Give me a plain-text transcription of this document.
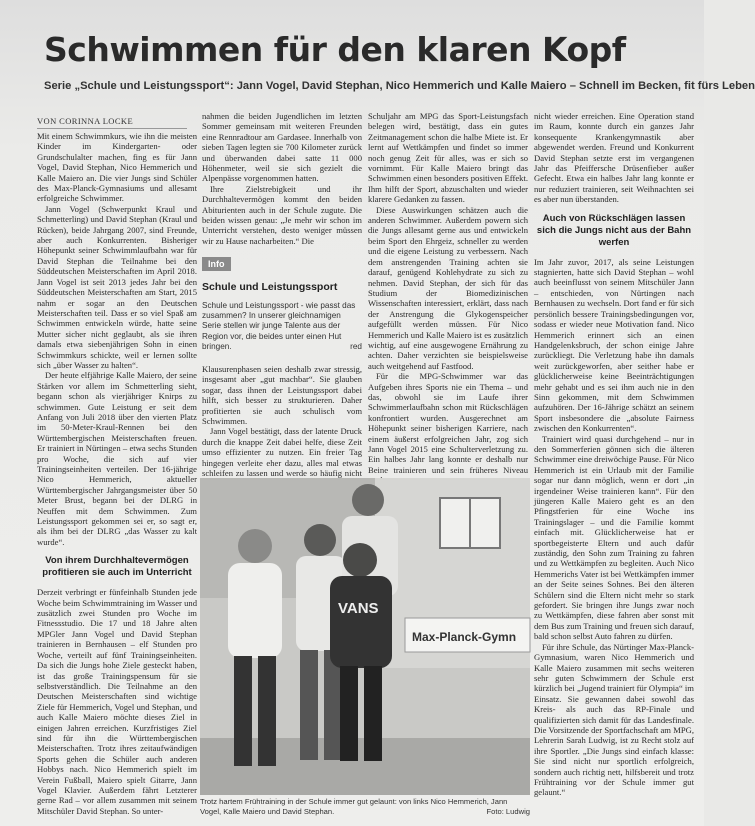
Schwimmen für den klaren Kopf
Serie „Schule und Leistungssport“: Jann Vogel, David Stephan, Nico Hemmerich und Kalle Maiero – Schnell im Becken, fit fürs Leben
VON CORINNA LOCKE

Mit einem Schwimmkurs, wie ihn die meisten Kinder im Kindergarten- oder Grundschulalter machen, fing es für Jann Vogel, David Stephan, Nico Hemmerich und Kalle Maiero an. Die vier Jungs sind Schüler des Max-Planck-Gymnasiums und allesamt erfolgreiche Schwimmer.

Jann Vogel (Schwerpunkt Kraul und Schmetterling) und David Stephan (Kraul und Rücken), beide Jahrgang 2007, sind Freunde, aber auch Konkurrenten. Bisheriger Höhepunkt seiner Schwimmlaufbahn war für David Stephan die Teilnahme bei den Süddeutschen Meisterschaften im April 2018. Jann Vogel ist seit 2013 jedes Jahr bei den Süddeutschen Meisterschaften am Start, 2015 nahm er sogar an den Deutschen Meisterschaften teil. Dass er so viel Spaß am Schwimmen entwickeln würde, hatte seine Mutter sicher nicht geglaubt, als sie ihren damals etwa siebenjährigen Sohn in einen Schwimmkurs schickte, weil er lernen sollte sich „über Wasser zu halten“.

Der heute elfjährige Kalle Maiero, der seine Stärken vor allem im Schmetterling sieht, begann schon als vierjähriger Knirps zu schwimmen. Gute Leistung er seit dem Anfang von Juli 2018 über den vierten Platz im 50-Meter-Kraul-Rennen bei den Württembergischen Meisterschaften freuen. Er trainiert in Nürtingen – etwa sechs Stunden pro Woche, die sich auf vier Trainingseinheiten verteilen. Der 16-jährige Nico Hemmerich, aktueller Württembergischer Jahrgangsmeister über 50 Meter Brust, begann bei der DLRG in Neuffen mit dem Schwimmen. Zum Leistungssport gekommen sei er, so sagt er, als ihm bei der DLRG „das Wasser zu kalt wurde“.

Von ihrem Durchhaltevermögen profitieren sie auch im Unterricht

Derzeit verbringt er fünfeinhalb Stunden jede Woche beim Schwimmtraining im Wasser und zusätzlich zwei Stunden pro Woche im Fitnessstudio. Die 17 und 18 Jahre alten MPGler Jann Vogel und David Stephan trainieren in Bernhausen – elf Stunden pro Woche, verteilt auf fünf Trainingseinheiten. Da sich die Jungs hohe Ziele gesteckt haben, ist das große Trainingspensum für sie selbstverständlich. Die Teilnahme an den Deutschen Meisterschaften sind wichtige Ziele für Hemmerich, Vogel und Stephan, und auch Kalle Maiero möchte dieses Ziel in einigen Jahren erreichen. Kurzfristiges Ziel sind für ihn die Württembergischen Meisterschaften. Trotz ihres zeitaufwändigen Sports gehen die Schüler auch anderen Hobbys nach. Nico Hemmerich spielt im Verein Fußball, Maiero spielt Gitarre, Jann Vogel Klavier. Außerdem fährt Letzterer gerne Rad – vor allem zusammen mit seinem Mitschüler David Stephan. So unter-

nahmen die beiden Jugendlichen im letzten Sommer gemeinsam mit weiteren Freunden eine Rennradtour am Gardasee. Innerhalb von sieben Tagen legten sie 700 Kilometer zurück und überwanden dabei satte 11 000 Höhenmeter, weil sie sich gezielt die Alpenpässe vorgenommen hatten.

Ihre Zielstrebigkeit und ihr Durchhaltevermögen kommt den beiden Abiturienten auch in der Schule zugute. Die beiden wissen genau: „Je mehr wir schon im Unterricht verstehen, desto weniger müssen wir zu Hause nacharbeiten.“ Die

Info
Schule und Leistungssport
Schule und Leistungssport - wie passt das zusammen? In unserer gleichnamigen Serie stellen wir junge Talente aus der Region vor, die beides unter einen Hut bringen.	red

Klausurenphasen seien deshalb zwar stressig, insgesamt aber „gut machbar“. Sie glauben sogar, dass ihnen der Leistungssport dabei hilft, sich besser zu strukturieren. Daher profitierten sie auch schulisch vom Schwimmen.

Jann Vogel bestätigt, dass der latente Druck durch die knappe Zeit dabei helfe, diese Zeit umso effizienter zu nutzen. Ein freier Tag hingegen verleite eher dazu, alles mal etwas schleifen zu lassen und werde so häufig nicht

Schuljahr am MPG das Sport-Leistungsfach belegen wird, bestätigt, dass ein gutes Zeitmanagement schon die halbe Miete ist. Er lernt auf Wettkämpfen und findet so immer noch genug Zeit für alles, was er sich so vornimmt. Für Kalle Maiero bringt das Schwimmen einen besonders positiven Effekt. Ihm hilft der Sport, abzuschalten und wieder klarere Gedanken zu fassen.

Diese Auswirkungen schätzen auch die anderen Schwimmer. Außerdem powern sich die Jungs allesamt gerne aus und entwickeln beim Sport den Ehrgeiz, schneller zu werden und die eigene Leistung zu verbessern. Nach dem anstrengenden Training achten sie darauf, genügend Kohlehydrate zu sich zu nehmen. David Stephan, der sich für das Studium der Biomedizinischen Wissenschaften interessiert, erklärt, dass nach der Anstrengung die Glykogenspeicher aufgefüllt werden müssen. Für Nico Hemmerich und Kalle Maiero ist es zusätzlich wichtig, auf eine ausgewogene Ernährung zu achten. Daher verzichten sie beispielsweise auch weitgehend auf Fastfood.

Für die MPG-Schwimmer war das Aufgeben ihres Sports nie ein Thema – und das, obwohl sie im Laufe ihrer Schwimmerlaufbahn schon mit Rückschlägen konfrontiert wurden. Ausgerechnet am Höhepunkt seiner bisherigen Karriere, nach einem äußerst erfolgreichen Jahr, zog sich Jann Vogel 2015 eine Schulterverletzung zu. Ein halbes Jahr lang konnte er deshalb nur Beine trainieren und sein früheres Niveau

nicht wieder erreichen. Eine Operation stand im Raum, konnte durch ein ganzes Jahr konsequente Krankengymnastik aber abgewendet werden. Freund und Konkurrent David Stephan setzte erst im vergangenen Jahr das Pfeiffersche Drüsenfieber außer Gefecht. Etwa ein halbes Jahr lang konnte er nur reduziert trainieren, seit Weihnachten sei es aber nun überstanden.

Auch von Rückschlägen lassen sich die Jungs nicht aus der Bahn werfen

Im Jahr zuvor, 2017, als seine Leistungen stagnierten, hatte sich David Stephan – wohl auch beeinflusst von seinem Mitschüler Jann – entschieden, von Nürtingen nach Bernhausen zu wechseln. Dort fand er für sich persönlich bessere Trainingsbedingungen vor, sodass er wieder neue Motivation fand. Nico Hemmerich erinnert sich an einen Handgelenksbruch, der schon einige Jahre zurückliegt. Die Verletzung habe ihn damals weit zurückgeworfen, aber seither habe er glücklicherweise keine Beeinträchtigungen mehr gehabt und es sei ihm auch nie in den Sinn gekommen, mit dem Schwimmen aufzuhören. Der 16-Jährige schätzt an seinem Sport insbesondere die „absolute Fairness zwischen den Konkurrenten“.

Trainiert wird quasi durchgehend – nur in den Sommerferien gönnen sich die älteren Schwimmer eine dreiwöchige Pause. Für Nico Hemmerich ist ein Urlaub mit der Familie sogar nur dann möglich, wenn er dort „in irgendeiner Weise trainieren kann“. Für den jüngeren Kalle Maiero geht es an den Pfingstferien für eine Woche ins Trainingslager – und die Familie kommt einfach mit. Glücklicherweise hat er sportbegeisterte Eltern und auch dafür zuständig, den Sohn zum Training zu fahren und zu Wettkämpfen zu begleiten. Auch Nico Hemmerichs Vater ist bei Wettkämpfen immer an der Seite seines Sohnes. Bei den älteren Schülern sind die Eltern nicht mehr so stark gefordert. Sie bringen ihre Jungs zwar noch zu Wettkämpfen, diese fahren aber sonst mit dem Bus zum Training und freuen sich darauf, bald schon selbst Auto fahren zu dürfen.

Für ihre Schule, das Nürtinger Max-Planck-Gymnasium, waren Nico Hemmerich und Kalle Maiero zusammen mit sechs weiteren sehr guten Schwimmern der Schule erst kürzlich bei „Jugend trainiert für Olympia“ im Einsatz. Sie gewannen dabei sowohl das Kreis- als auch das RP-Finale und qualifizierten sich damit für das Landesfinale. Die Vorsitzende der Sportfachschaft am MPG, Lehrerin Sarah Ludwig, ist zu Recht stolz auf ihre Sportler. „Die Jungs sind einfach klasse: Sie sind nicht nur sportlich erfolgreich, sondern auch richtig nett, hilfsbereit und trotz Frühtraining vor der Schule immer gut gelaunt.“

Max-Planck-Gymn
VANS
Trotz hartem Frühtraining in der Schule immer gut gelaunt: von links Nico Hemmerich, Jann Vogel, Kalle Maiero und David Stephan.	Foto: Ludwig
